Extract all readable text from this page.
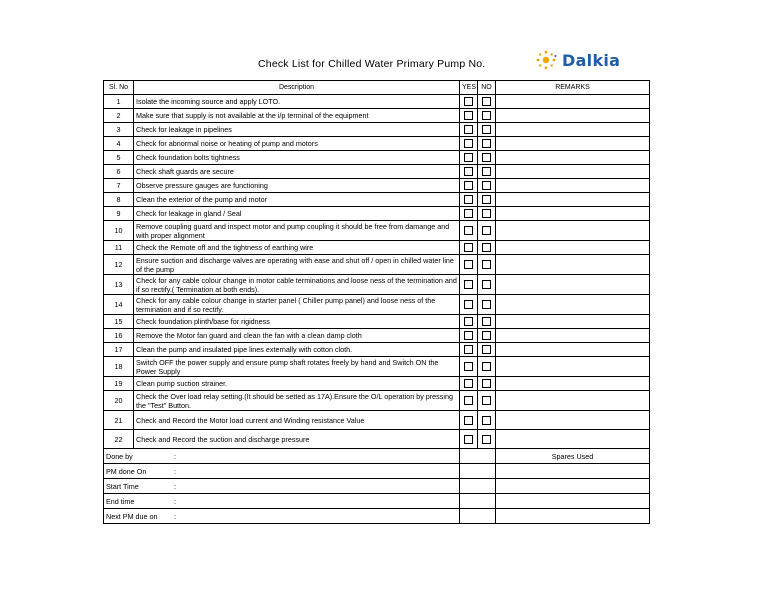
Check List for Chilled Water Primary Pump No.	Dalkia
Sl. No	Description	YES	NO	REMARKS
1	Isolate the incoming source and apply LOTO.			
2	Make sure that supply is not available at the i/p terminal of the equipment			
3	Check for leakage in pipelines			
4	Check for abnormal noise or heating of pump and motors			
5	Check foundation bolts tightness			
6	Check shaft guards are secure			
7	Observe pressure gauges are functioning			
8	Clean the exterior of the pump and motor			
9	Check for leakage in gland / Seal			
10	Remove coupling guard and inspect motor and pump coupling it should be free from damange and with proper alignment			
11	Check the Remote off and the tightness of earthing wire			
12	Ensure suction and discharge valves are operating with ease and shut off / open in chilled water line of the pump			
13	Check for any cable colour change in motor cable terminations and loose ness of the termination and if so rectify.( Termination at both ends).			
14	Check for any cable colour change in starter panel ( Chiller pump panel) and loose ness of the termination and if so rectify.			
15	Check foundation plinth/base for rigidness			
16	Remove the Motor fan guard and clean the fan with a clean damp cloth			
17	Clean the pump and insulated pipe lines externally with cotton cloth.			
18	Switch OFF the power supply and ensure pump shaft rotates freely by hand and Switch ON the Power Supply			
19	Clean pump suction strainer.			
20	Check the Over load relay setting.(It should be setted as 17A).Ensure the O/L operation by pressing the "Test" Button.			
21	Check and Record the Motor load current and Winding resistance Value			
22	Check and Record the suction and discharge pressure			
Done by :				Spares Used
PM done On :				

Start Time :				

End time :				

Next PM due on :				
